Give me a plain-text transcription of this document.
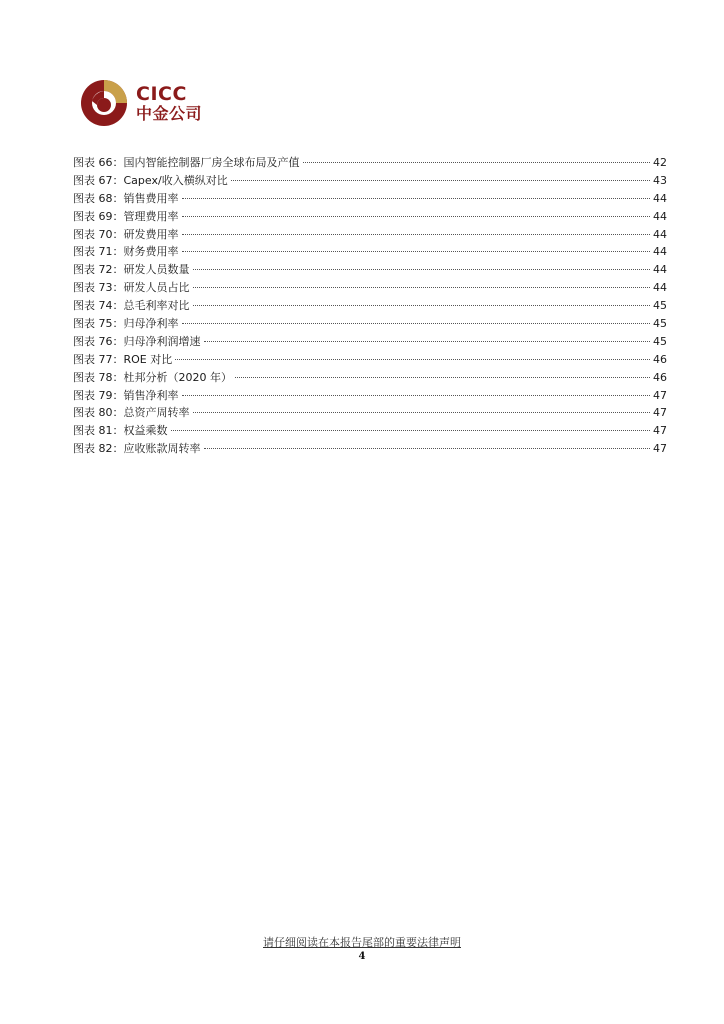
CICC
中金公司
图表 66： 国内智能控制器厂房全球布局及产值	42
图表 67： Capex/收入横纵对比	43
图表 68： 销售费用率	44
图表 69： 管理费用率	44
图表 70： 研发费用率	44
图表 71： 财务费用率	44
图表 72： 研发人员数量	44
图表 73： 研发人员占比	44
图表 74： 总毛利率对比	45
图表 75： 归母净利率	45
图表 76： 归母净利润增速	45
图表 77： ROE 对比	46
图表 78： 杜邦分析（2020 年）	46
图表 79： 销售净利率	47
图表 80： 总资产周转率	47
图表 81： 权益乘数	47
图表 82： 应收账款周转率	47
请仔细阅读在本报告尾部的重要法律声明
4
